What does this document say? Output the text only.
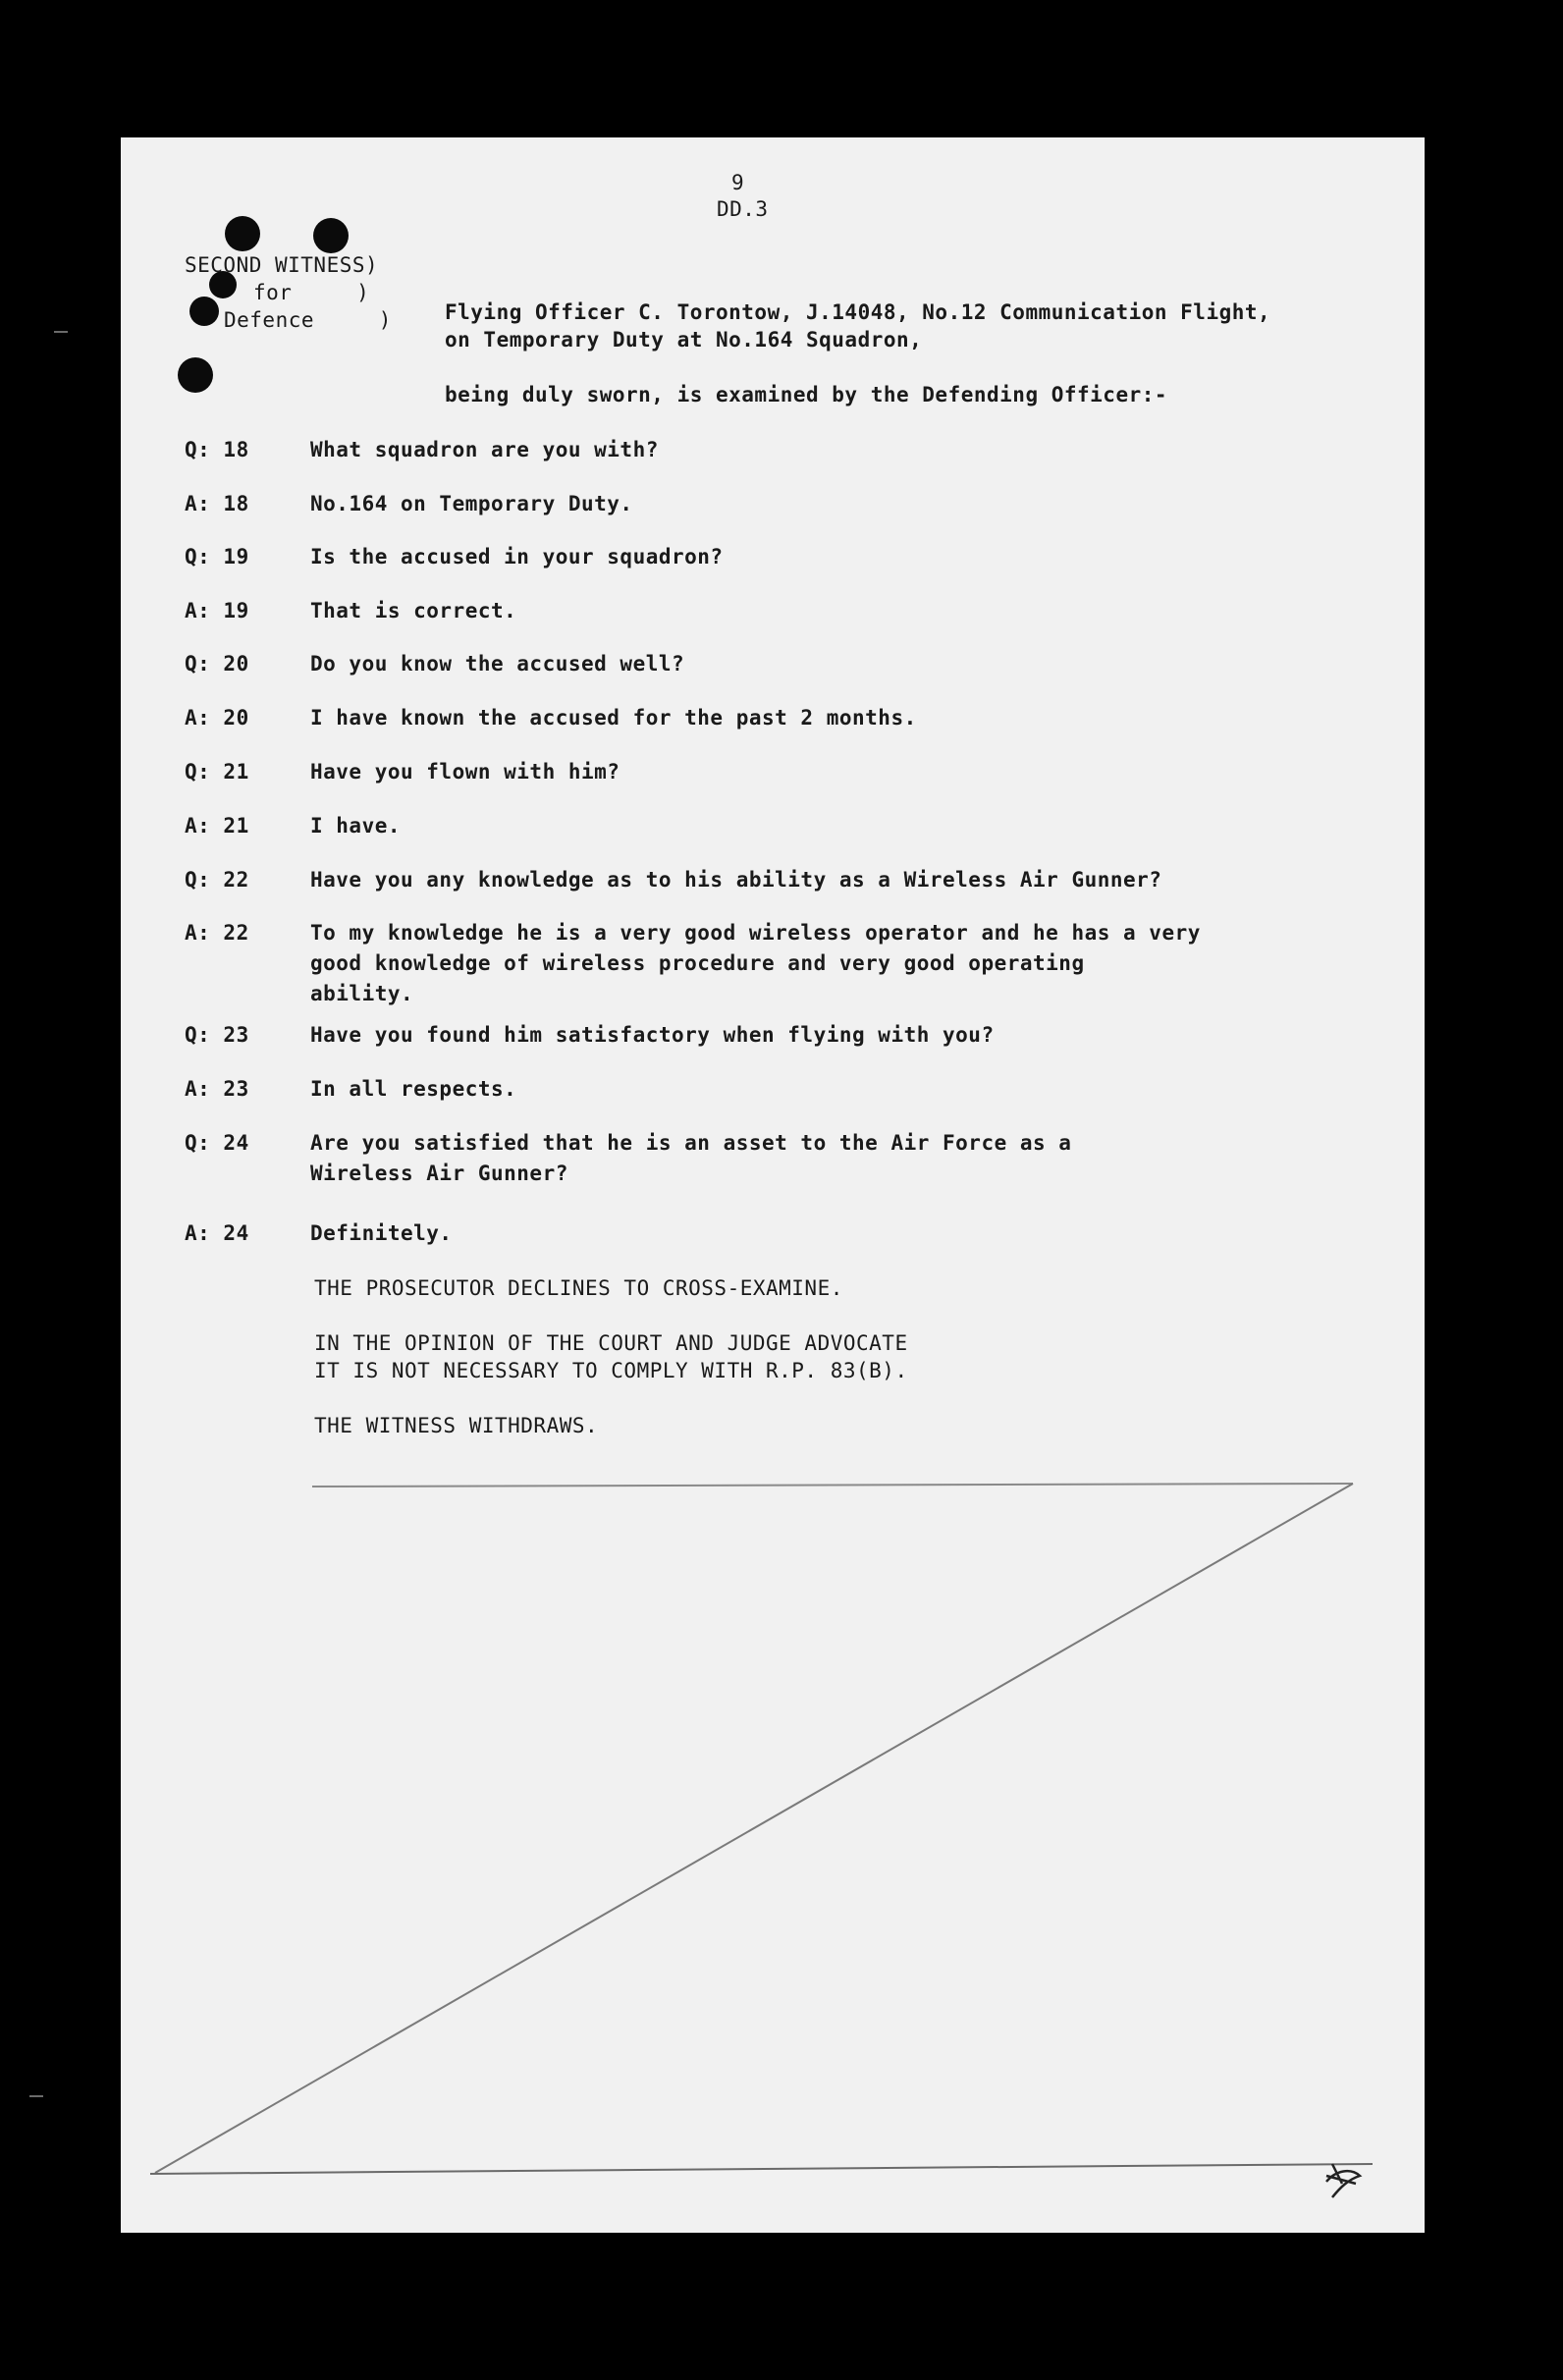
9
DD.3
SECOND WITNESS)
for     )
Defence     )	Flying Officer C. Torontow, J.14048, No.12 Communication Flight,
on Temporary Duty at No.164 Squadron,
being duly sworn, is examined by the Defending Officer:-
Q: 18	What squadron are you with?
A: 18	No.164 on Temporary Duty.
Q: 19	Is the accused in your squadron?
A: 19	That is correct.
Q: 20	Do you know the accused well?
A: 20	I have known the accused for the past 2 months.
Q: 21	Have you flown with him?
A: 21	I have.
Q: 22	Have you any knowledge as to his ability as a Wireless Air Gunner?
A: 22	To my knowledge he is a very good wireless operator and he has a very
good knowledge of wireless procedure and very good operating
ability.
Q: 23	Have you found him satisfactory when flying with you?
A: 23	In all respects.
Q: 24	Are you satisfied that he is an asset to the Air Force as a
Wireless Air Gunner?
A: 24	Definitely.
THE PROSECUTOR DECLINES TO CROSS-EXAMINE.
IN THE OPINION OF THE COURT AND JUDGE ADVOCATE
IT IS NOT NECESSARY TO COMPLY WITH R.P. 83(B).
THE WITNESS WITHDRAWS.
